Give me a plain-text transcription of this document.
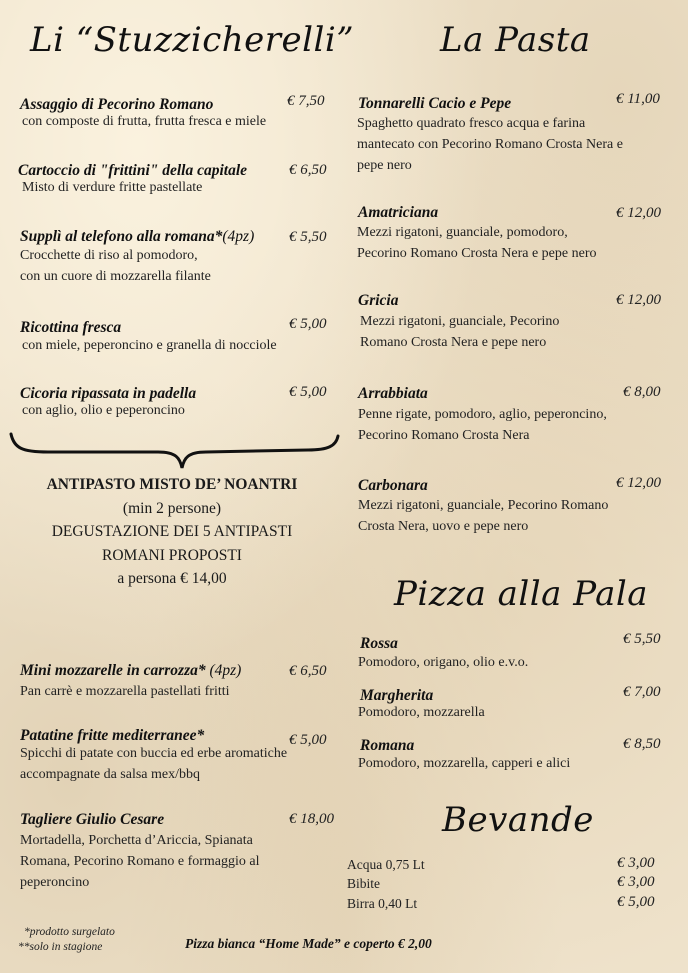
Li “Stuzzicherelli”
Assaggio di Pecorino Romano	€ 7,50
con composte di frutta, frutta fresca e miele
Cartoccio di "frittini" della capitale	€ 6,50
Misto di verdure fritte pastellate
Supplì al telefono alla romana*(4pz) € 5,50
Crocchette di riso al pomodoro,
con un cuore di mozzarella filante
Ricottina fresca	€ 5,00
con miele, peperoncino e granella di nocciole
Cicoria ripassata in padella	€ 5,00
con aglio, olio e peperoncino
ANTIPASTO MISTO DE’ NOANTRI
(min 2 persone)
DEGUSTAZIONE DEI 5 ANTIPASTI
ROMANI PROPOSTI
a persona € 14,00
Mini mozzarelle in carrozza* (4pz)	€ 6,50
Pan carrè e mozzarella pastellati fritti
Patatine fritte mediterranee*	€ 5,00
Spicchi di patate con buccia ed erbe aromatiche
accompagnate da salsa mex/bbq
Tagliere Giulio Cesare	€ 18,00
Mortadella, Porchetta d’Ariccia, Spianata
Romana, Pecorino Romano e formaggio al
peperoncino
*prodotto surgelato
**solo in stagione
La Pasta
Tonnarelli Cacio e Pepe	€ 11,00
Spaghetto quadrato fresco acqua e farina
mantecato con Pecorino Romano Crosta Nera e
pepe nero
Amatriciana	€ 12,00
Mezzi rigatoni, guanciale, pomodoro,
Pecorino Romano Crosta Nera e pepe nero
Gricia	€ 12,00
Mezzi rigatoni, guanciale, Pecorino
Romano Crosta Nera e pepe nero
Arrabbiata	€ 8,00
Penne rigate, pomodoro, aglio, peperoncino,
Pecorino Romano Crosta Nera
Carbonara	€ 12,00
Mezzi rigatoni, guanciale, Pecorino Romano
Crosta Nera, uovo e pepe nero
Pizza alla Pala
Rossa	€ 5,50
Pomodoro, origano, olio e.v.o.
Margherita	€ 7,00
Pomodoro, mozzarella
Romana	€ 8,50
Pomodoro, mozzarella, capperi e alici
Bevande
Acqua 0,75 Lt	€ 3,00
Bibite	€ 3,00
Birra 0,40 Lt	€ 5,00
Pizza bianca “Home Made” e coperto € 2,00
